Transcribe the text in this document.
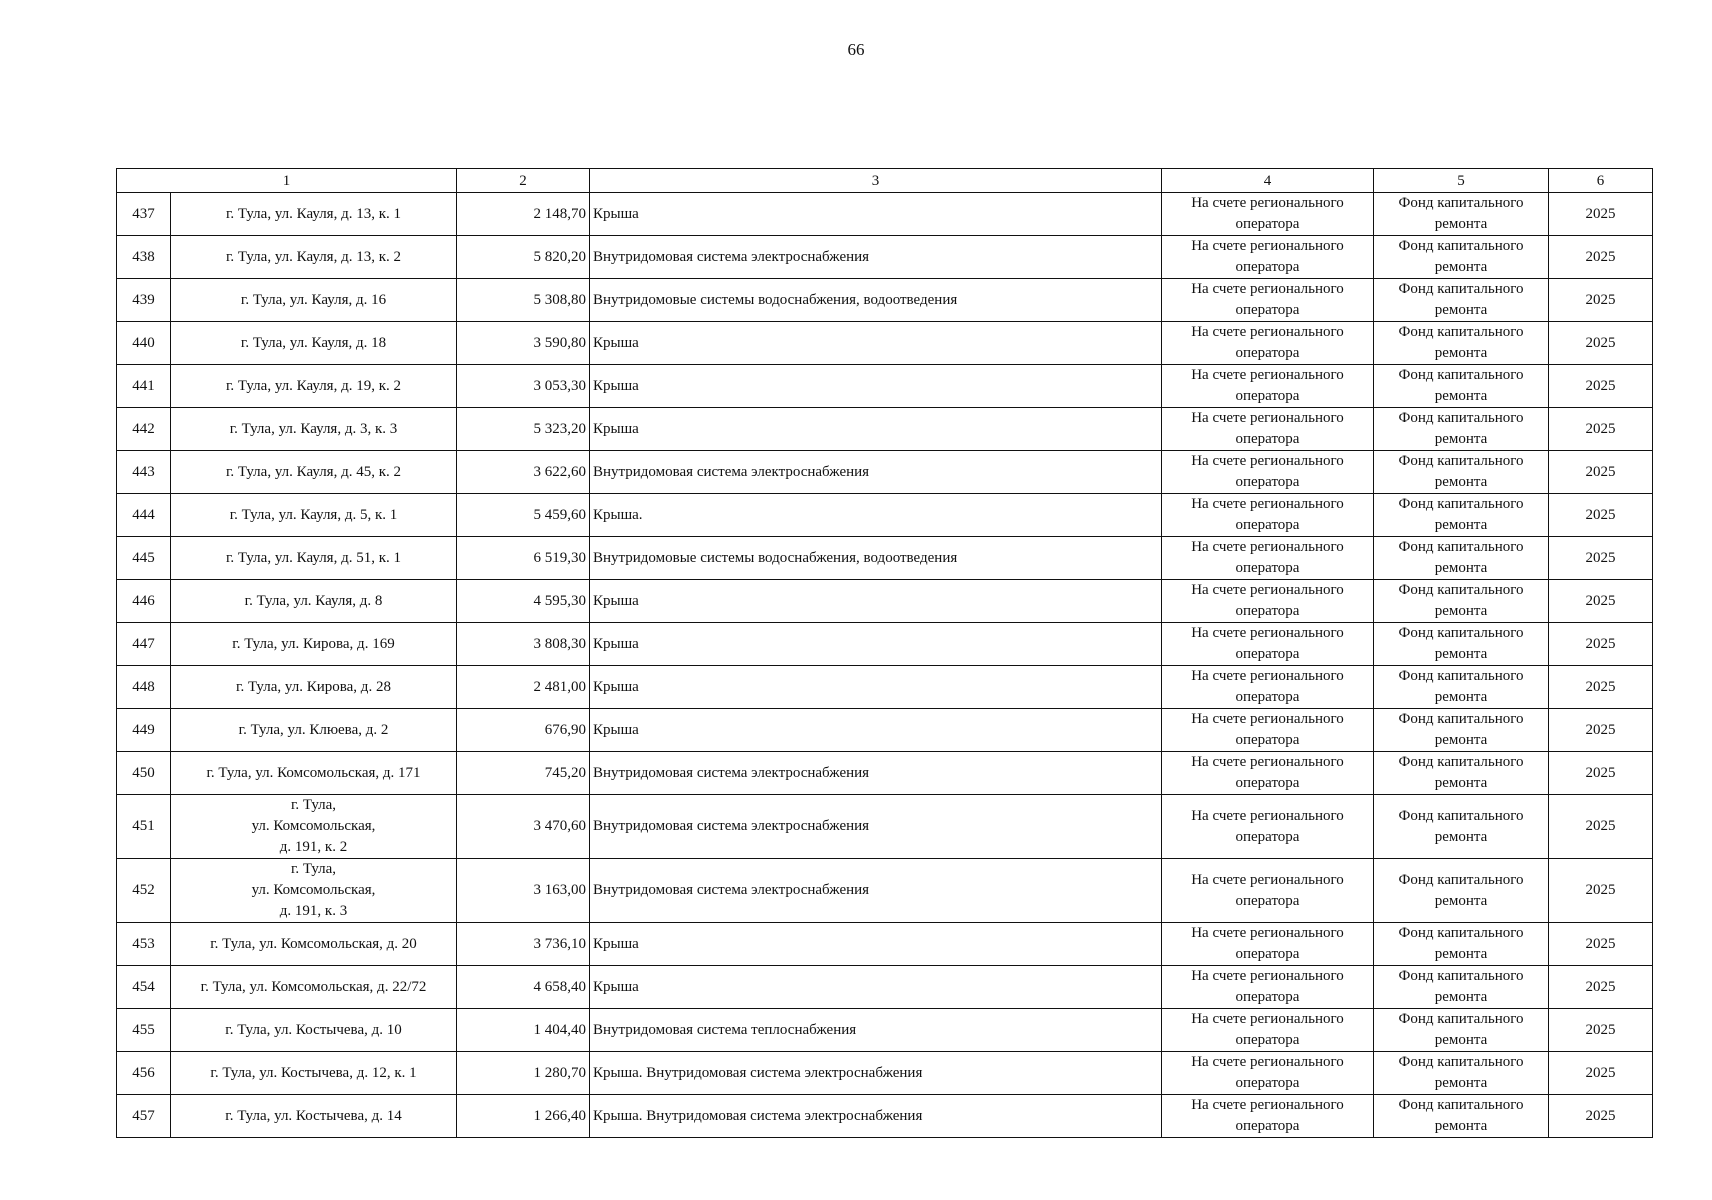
66
1		2	3	4	5	6
437	г. Тула, ул. Кауля, д. 13, к. 1	2 148,70	Крыша	На счете регионального
оператора	Фонд капитального
ремонта	2025
438	г. Тула, ул. Кауля, д. 13, к. 2	5 820,20	Внутридомовая система электроснабжения	На счете регионального
оператора	Фонд капитального
ремонта	2025
439	г. Тула, ул. Кауля, д. 16	5 308,80	Внутридомовые системы водоснабжения, водоотведения	На счете регионального
оператора	Фонд капитального
ремонта	2025
440	г. Тула, ул. Кауля, д. 18	3 590,80	Крыша	На счете регионального
оператора	Фонд капитального
ремонта	2025
441	г. Тула, ул. Кауля, д. 19, к. 2	3 053,30	Крыша	На счете регионального
оператора	Фонд капитального
ремонта	2025
442	г. Тула, ул. Кауля, д. 3, к. 3	5 323,20	Крыша	На счете регионального
оператора	Фонд капитального
ремонта	2025
443	г. Тула, ул. Кауля, д. 45, к. 2	3 622,60	Внутридомовая система электроснабжения	На счете регионального
оператора	Фонд капитального
ремонта	2025
444	г. Тула, ул. Кауля, д. 5, к. 1	5 459,60	Крыша.	На счете регионального
оператора	Фонд капитального
ремонта	2025
445	г. Тула, ул. Кауля, д. 51, к. 1	6 519,30	Внутридомовые системы водоснабжения, водоотведения	На счете регионального
оператора	Фонд капитального
ремонта	2025
446	г. Тула, ул. Кауля, д. 8	4 595,30	Крыша	На счете регионального
оператора	Фонд капитального
ремонта	2025
447	г. Тула, ул. Кирова, д. 169	3 808,30	Крыша	На счете регионального
оператора	Фонд капитального
ремонта	2025
448	г. Тула, ул. Кирова, д. 28	2 481,00	Крыша	На счете регионального
оператора	Фонд капитального
ремонта	2025
449	г. Тула, ул. Клюева, д. 2	676,90	Крыша	На счете регионального
оператора	Фонд капитального
ремонта	2025
450	г. Тула, ул. Комсомольская, д. 171	745,20	Внутридомовая система электроснабжения	На счете регионального
оператора	Фонд капитального
ремонта	2025
451	г. Тула,
ул. Комсомольская,
д. 191, к. 2	3 470,60	Внутридомовая система электроснабжения	На счете регионального
оператора	Фонд капитального
ремонта	2025
452	г. Тула,
ул. Комсомольская,
д. 191, к. 3	3 163,00	Внутридомовая система электроснабжения	На счете регионального
оператора	Фонд капитального
ремонта	2025
453	г. Тула, ул. Комсомольская, д. 20	3 736,10	Крыша	На счете регионального
оператора	Фонд капитального
ремонта	2025
454	г. Тула, ул. Комсомольская, д. 22/72	4 658,40	Крыша	На счете регионального
оператора	Фонд капитального
ремонта	2025
455	г. Тула, ул. Костычева, д. 10	1 404,40	Внутридомовая система теплоснабжения	На счете регионального
оператора	Фонд капитального
ремонта	2025
456	г. Тула, ул. Костычева, д. 12, к. 1	1 280,70	Крыша. Внутридомовая система электроснабжения	На счете регионального
оператора	Фонд капитального
ремонта	2025
457	г. Тула, ул. Костычева, д. 14	1 266,40	Крыша. Внутридомовая система электроснабжения	На счете регионального
оператора	Фонд капитального
ремонта	2025
